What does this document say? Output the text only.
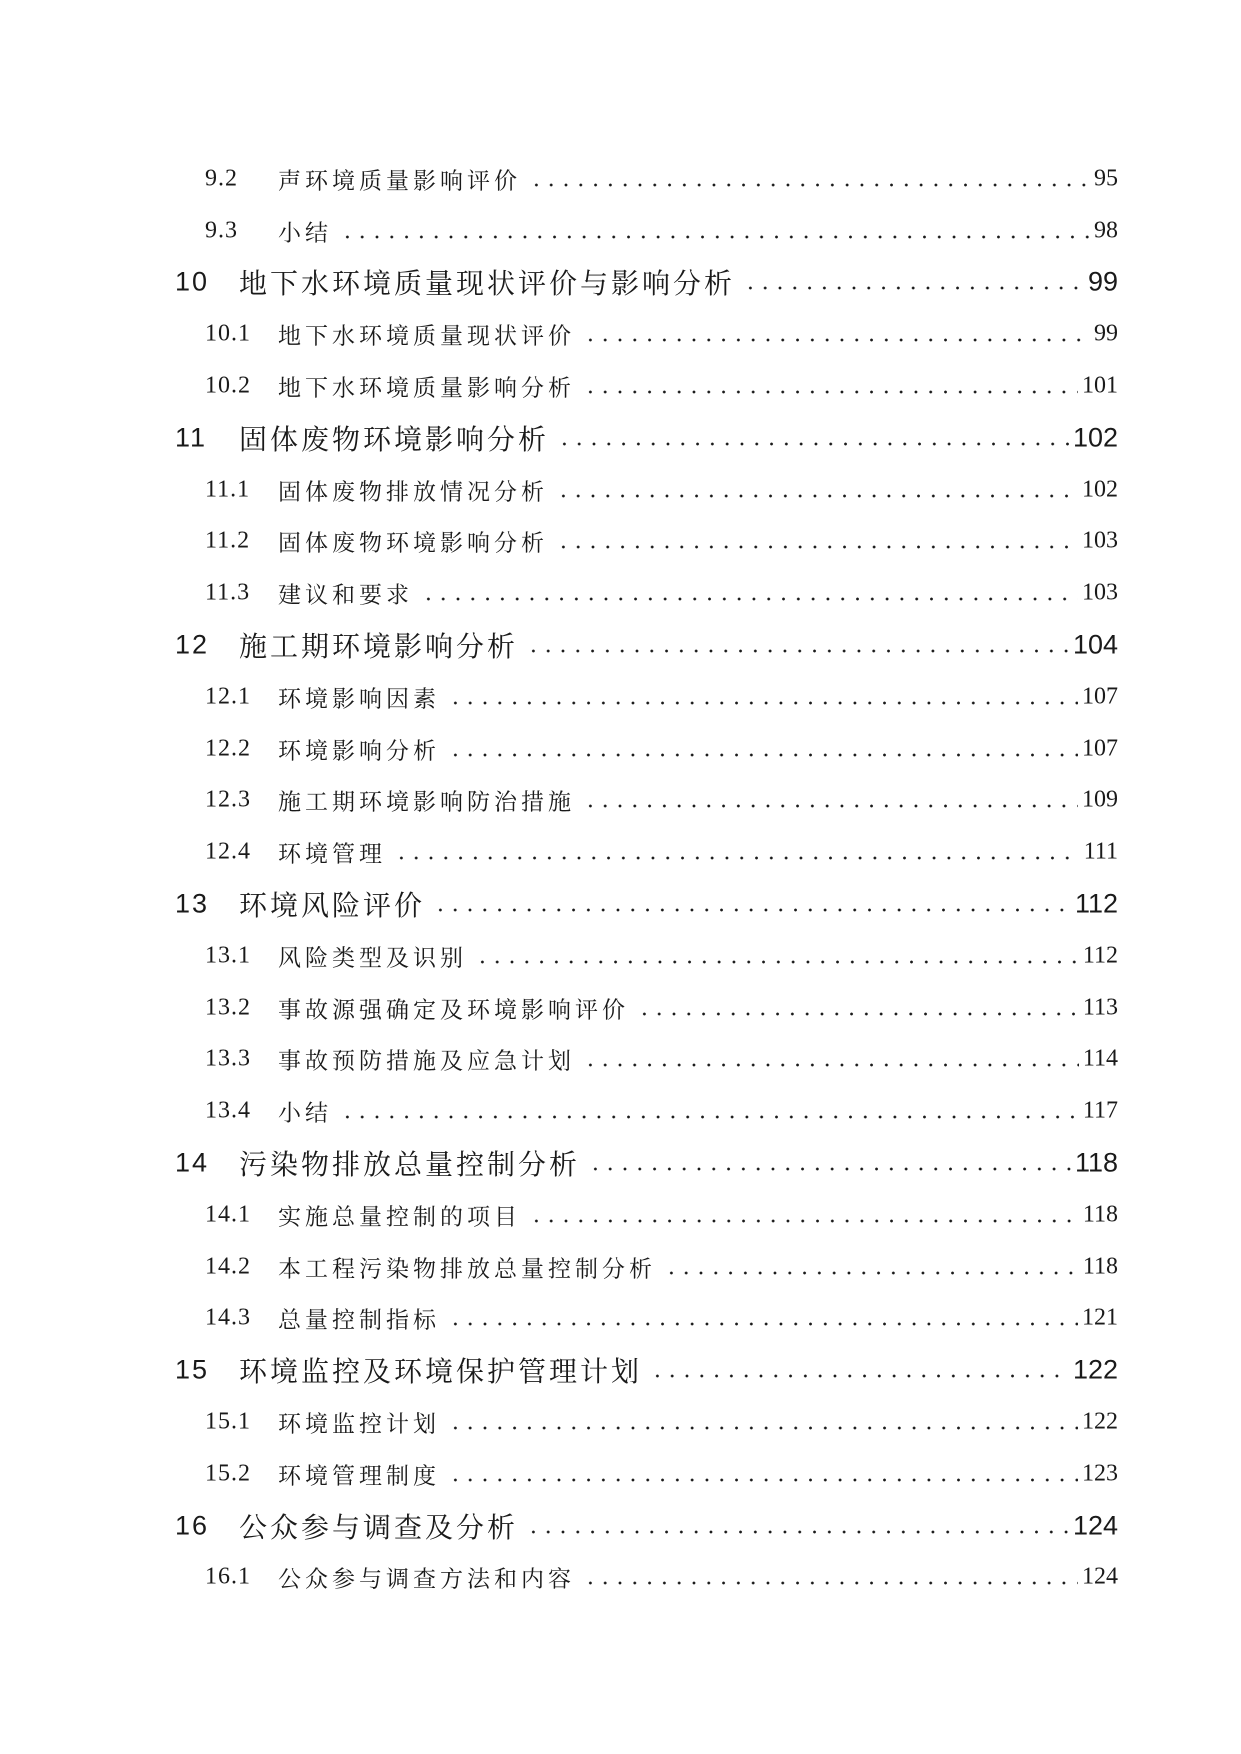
9.2 声环境质量影响评价	95
9.3 小结	98
10 地下水环境质量现状评价与影响分析	99
10.1 地下水环境质量现状评价	99
10.2 地下水环境质量影响分析	101
11 固体废物环境影响分析	102
11.1 固体废物排放情况分析	102
11.2 固体废物环境影响分析	103
11.3 建议和要求	103
12 施工期环境影响分析	104
12.1 环境影响因素	107
12.2 环境影响分析	107
12.3 施工期环境影响防治措施	109
12.4 环境管理	111
13 环境风险评价	112
13.1 风险类型及识别	112
13.2 事故源强确定及环境影响评价	113
13.3 事故预防措施及应急计划	114
13.4 小结	117
14 污染物排放总量控制分析	118
14.1 实施总量控制的项目	118
14.2 本工程污染物排放总量控制分析	118
14.3 总量控制指标	121
15 环境监控及环境保护管理计划	122
15.1 环境监控计划	122
15.2 环境管理制度	123
16 公众参与调查及分析	124
16.1 公众参与调查方法和内容	124
